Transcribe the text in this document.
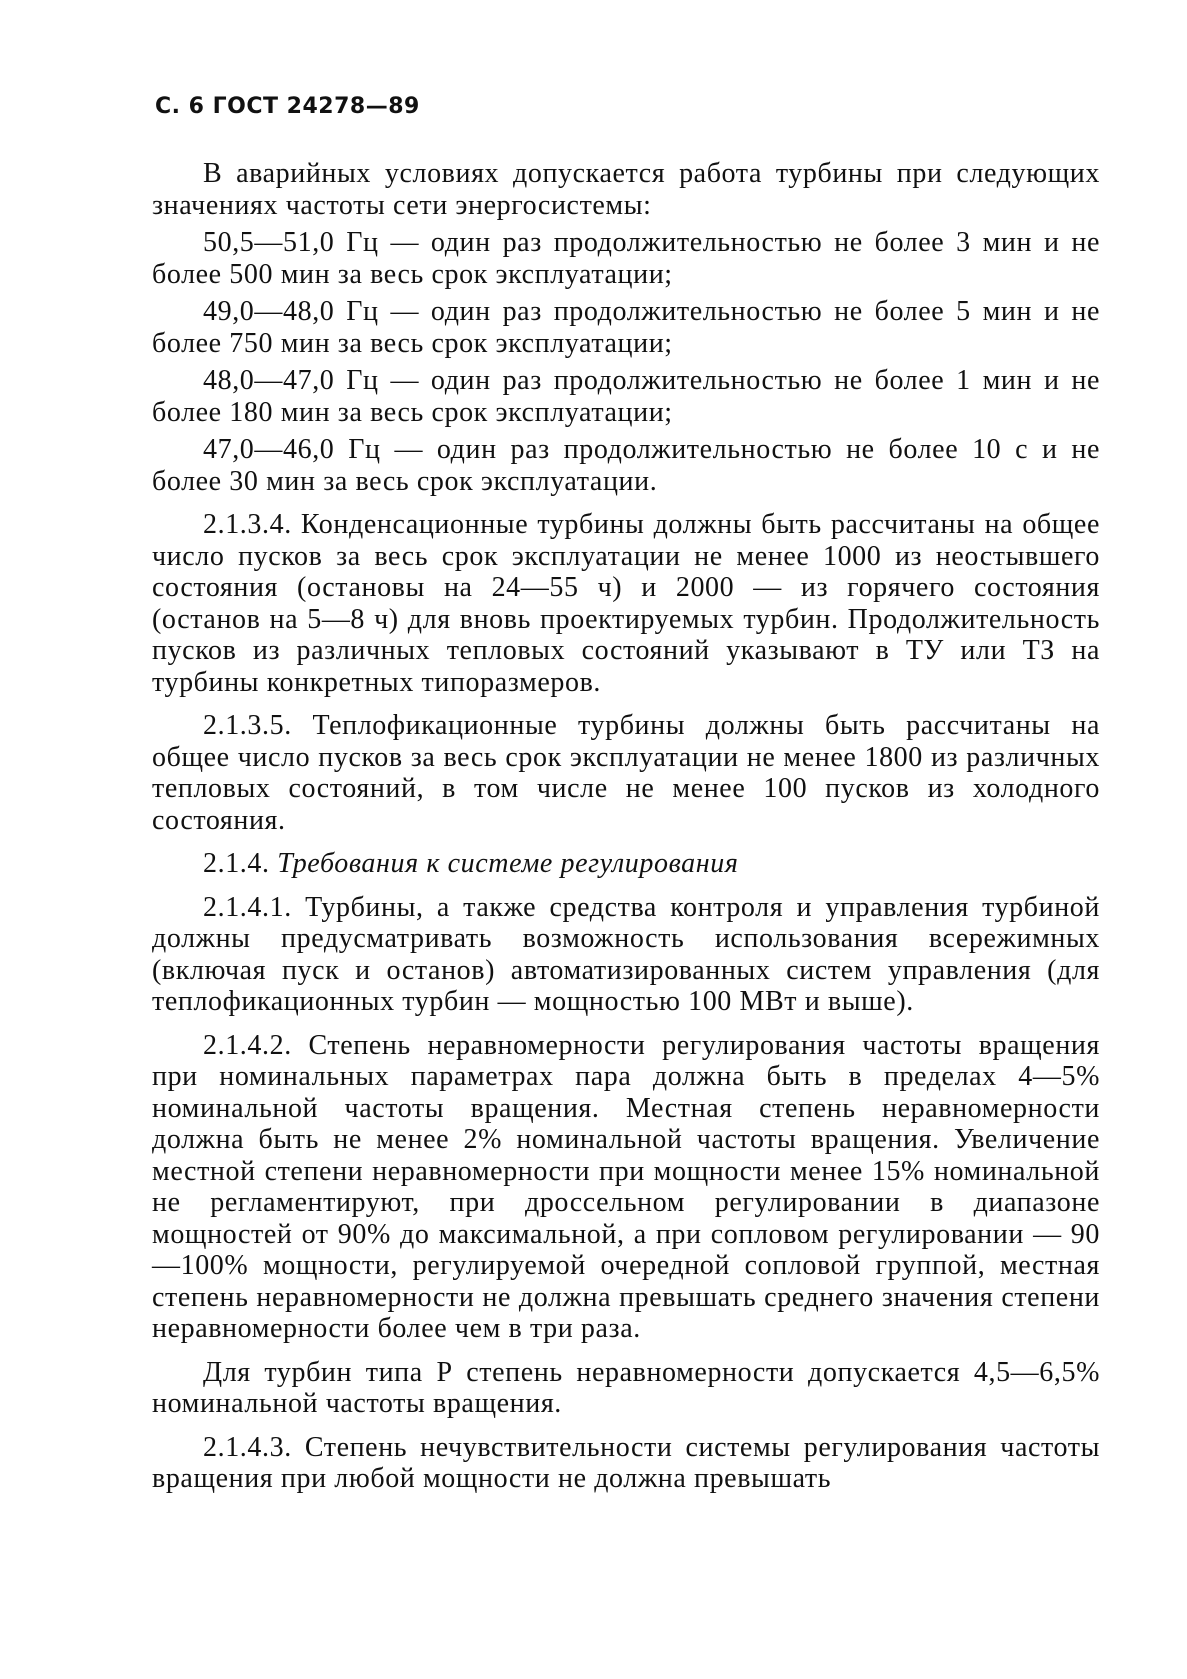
С. 6 ГОСТ 24278—89

В аварийных условиях допускается работа турбины при следующих значениях частоты сети энергосистемы:

50,5—51,0 Гц — один раз продолжительностью не более 3 мин и не более 500 мин за весь срок эксплуатации;

49,0—48,0 Гц — один раз продолжительностью не более 5 мин и не более 750 мин за весь срок эксплуатации;

48,0—47,0 Гц — один раз продолжительностью не более 1 мин и не более 180 мин за весь срок эксплуатации;

47,0—46,0 Гц — один раз продолжительностью не более 10 с и не более 30 мин за весь срок эксплуатации.

2.1.3.4. Конденсационные турбины должны быть рассчитаны на общее число пусков за весь срок эксплуатации не менее 1000 из неостывшего состояния (остановы на 24—55 ч) и 2000 — из горячего состояния (останов на 5—8 ч) для вновь проектируемых турбин. Продолжительность пусков из различных тепловых состояний указывают в ТУ или ТЗ на турбины конкретных типоразмеров.

2.1.3.5. Теплофикационные турбины должны быть рассчитаны на общее число пусков за весь срок эксплуатации не менее 1800 из различных тепловых состояний, в том числе не менее 100 пусков из холодного состояния.

2.1.4. Требования к системе регулирования

2.1.4.1. Турбины, а также средства контроля и управления турбиной должны предусматривать возможность использования всережимных (включая пуск и останов) автоматизированных систем управления (для теплофикационных турбин — мощностью 100 МВт и выше).

2.1.4.2. Степень неравномерности регулирования частоты вращения при номинальных параметрах пара должна быть в пределах 4—5% номинальной частоты вращения. Местная степень неравномерности должна быть не менее 2% номинальной частоты вращения. Увеличение местной степени неравномерности при мощности менее 15% номинальной не регламентируют, при дроссельном регулировании в диапазоне мощностей от 90% до максимальной, а при сопловом регулировании — 90—100% мощности, регулируемой очередной сопловой группой, местная степень неравномерности не должна превышать среднего значения степени неравномерности более чем в три раза.

Для турбин типа Р степень неравномерности допускается 4,5—6,5% номинальной частоты вращения.

2.1.4.3. Степень нечувствительности системы регулирования частоты вращения при любой мощности не должна превышать
